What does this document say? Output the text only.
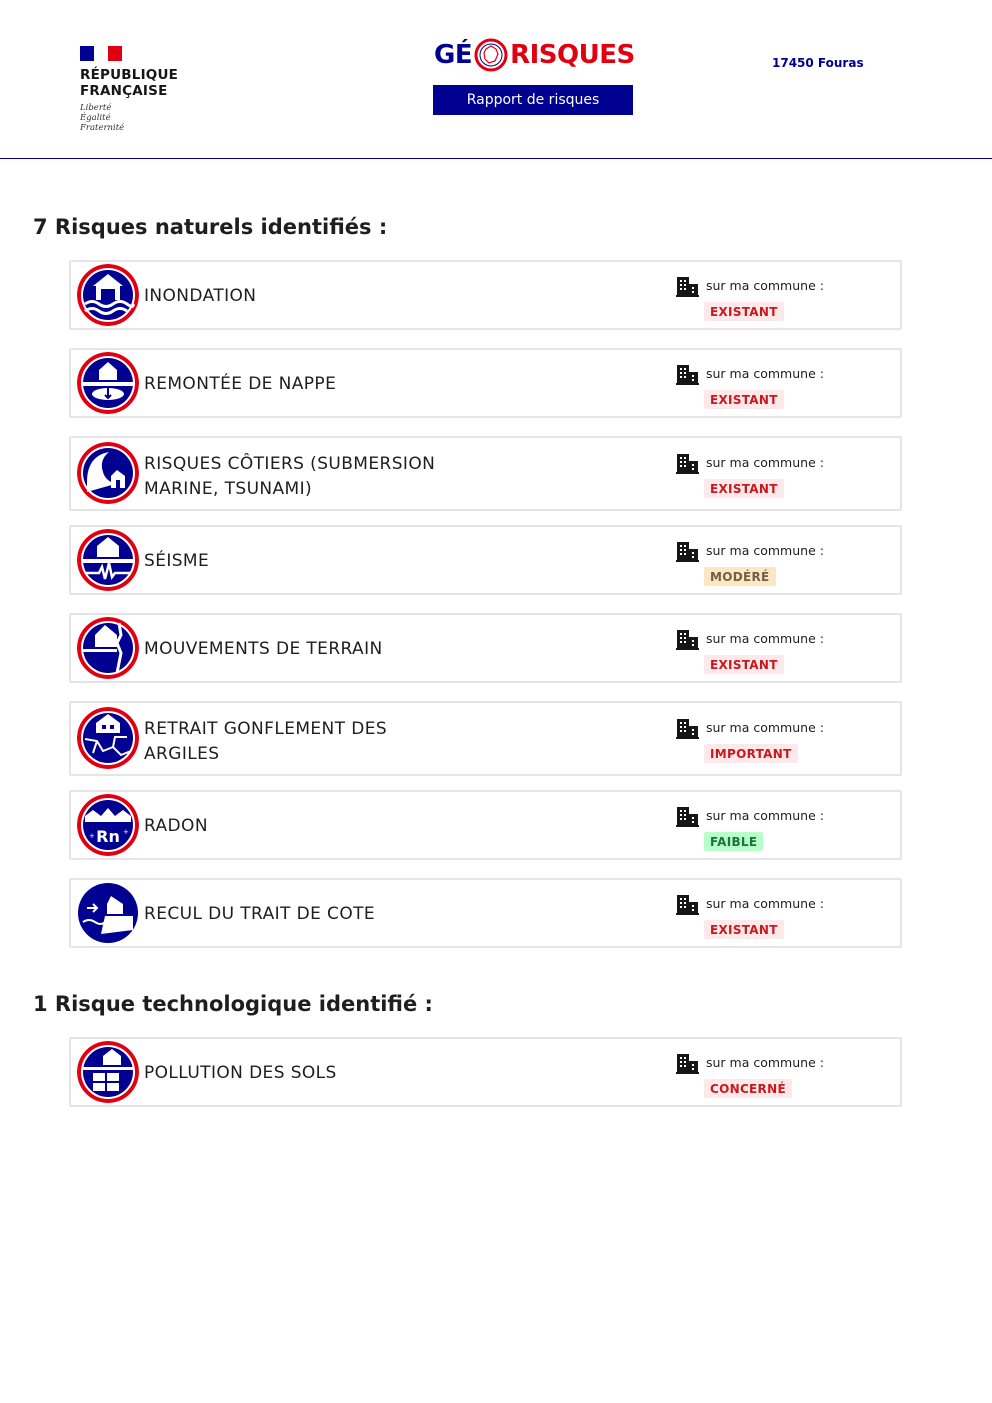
RÉPUBLIQUE
FRANÇAISE
Liberté
Égalité
Fraternité
GÉ RISQUES
Rapport de risques
17450 Fouras
7 Risques naturels identifiés :
INONDATION
sur ma commune :
EXISTANT
REMONTÉE DE NAPPE
sur ma commune :
EXISTANT
RISQUES CÔTIERS (SUBMERSION
MARINE, TSUNAMI)
sur ma commune :
EXISTANT
SÉISME
sur ma commune :
MODÉRÉ
MOUVEMENTS DE TERRAIN
sur ma commune :
EXISTANT
RETRAIT GONFLEMENT DES
ARGILES
sur ma commune :
IMPORTANT
Rn
+	+ RADON
sur ma commune :
FAIBLE
RECUL DU TRAIT DE COTE
sur ma commune :
EXISTANT
1 Risque technologique identifié :
POLLUTION DES SOLS
sur ma commune :
CONCERNÉ
